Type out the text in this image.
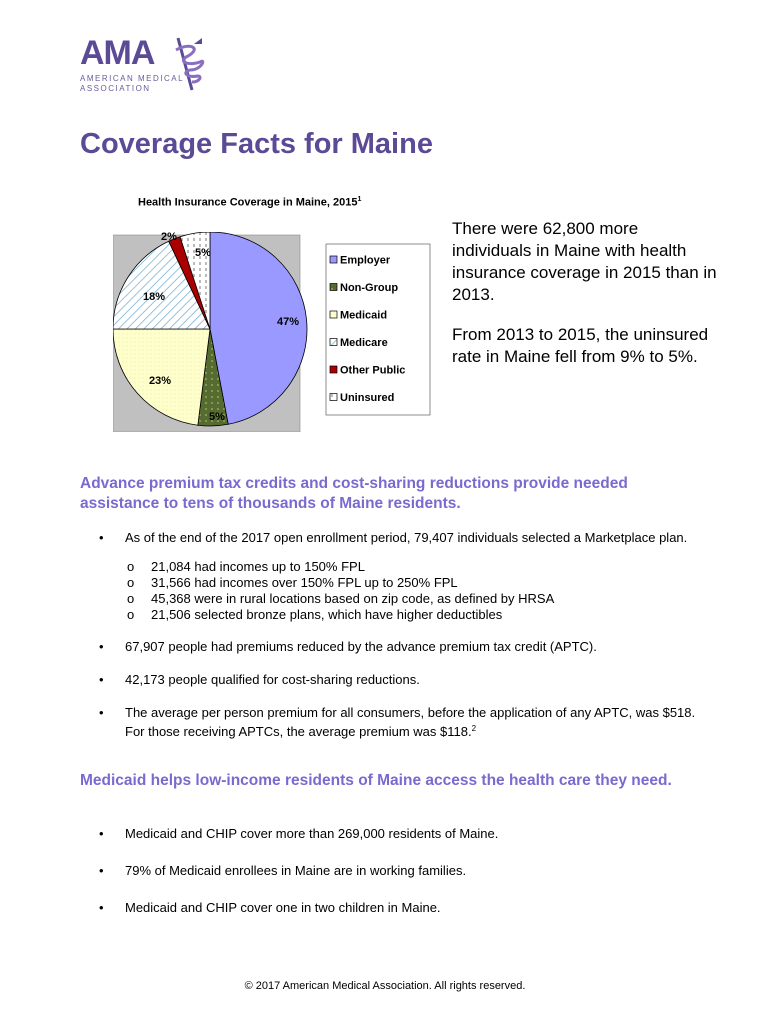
AMA
AMERICAN MEDICAL
ASSOCIATION
Coverage Facts for Maine
Health Insurance Coverage in Maine, 2015$^1$
47%
5%
23%
18%
2%
5%
Employer
Non-Group
Medicaid
Medicare
Other Public
Uninsured

There were 62,800 more individuals in Maine with health insurance coverage in 2015 than in 2013.

From 2013 to 2015, the uninsured rate in Maine fell from 9% to 5%.

Advance premium tax credits and cost-sharing reductions provide needed assistance to tens of thousands of Maine residents.
• As of the end of the 2017 open enrollment period, 79,407 individuals selected a Marketplace plan.
o 21,084 had incomes up to 150% FPL
o 31,566 had incomes over 150% FPL up to 250% FPL
o 45,368 were in rural locations based on zip code, as defined by HRSA
o 21,506 selected bronze plans, which have higher deductibles
• 67,907 people had premiums reduced by the advance premium tax credit (APTC).
• 42,173 people qualified for cost-sharing reductions.
• The average per person premium for all consumers, before the application of any APTC, was $518. For those receiving APTCs, the average premium was $118.$^2$
Medicaid helps low-income residents of Maine access the health care they need.
• Medicaid and CHIP cover more than 269,000 residents of Maine.
• 79% of Medicaid enrollees in Maine are in working families.
• Medicaid and CHIP cover one in two children in Maine.
© 2017 American Medical Association. All rights reserved.
